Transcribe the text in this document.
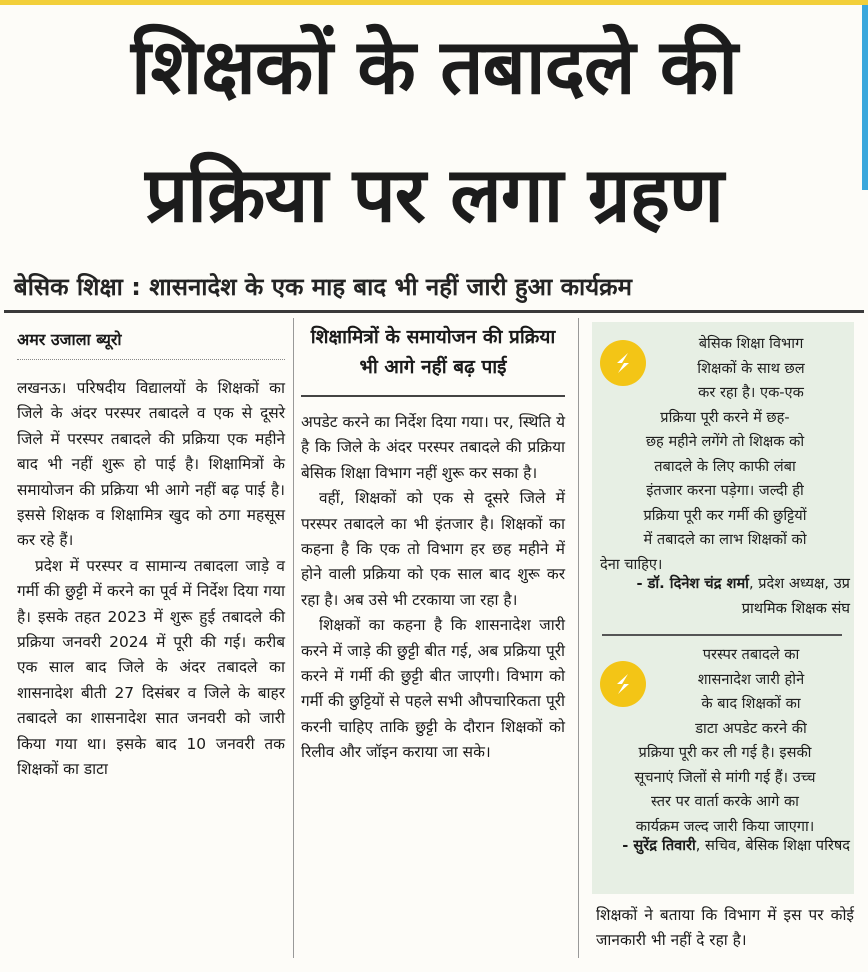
शिक्षकों के तबादले की
प्रक्रिया पर लगा ग्रहण
बेसिक शिक्षा : शासनादेश के एक माह बाद भी नहीं जारी हुआ कार्यक्रम
अमर उजाला ब्यूरो

लखनऊ। परिषदीय विद्यालयों के शिक्षकों का जिले के अंदर परस्पर तबादले व एक से दूसरे जिले में परस्पर तबादले की प्रक्रिया एक महीने बाद भी नहीं शुरू हो पाई है। शिक्षामित्रों के समायोजन की प्रक्रिया भी आगे नहीं बढ़ पाई है। इससे शिक्षक व शिक्षामित्र खुद को ठगा महसूस कर रहे हैं।

प्रदेश में परस्पर व सामान्य तबादला जाड़े व गर्मी की छुट्टी में करने का पूर्व में निर्देश दिया गया है। इसके तहत 2023 में शुरू हुई तबादले की प्रक्रिया जनवरी 2024 में पूरी की गई। करीब एक साल बाद जिले के अंदर तबादले का शासनादेश बीती 27 दिसंबर व जिले के बाहर तबादले का शासनादेश सात जनवरी को जारी किया गया था। इसके बाद 10 जनवरी तक शिक्षकों का डाटा

शिक्षामित्रों के समायोजन की प्रक्रिया भी आगे नहीं बढ़ पाई

अपडेट करने का निर्देश दिया गया। पर, स्थिति ये है कि जिले के अंदर परस्पर तबादले की प्रक्रिया बेसिक शिक्षा विभाग नहीं शुरू कर सका है।

वहीं, शिक्षकों को एक से दूसरे जिले में परस्पर तबादले का भी इंतजार है। शिक्षकों का कहना है कि एक तो विभाग हर छह महीने में होने वाली प्रक्रिया को एक साल बाद शुरू कर रहा है। अब उसे भी टरकाया जा रहा है।

शिक्षकों का कहना है कि शासनादेश जारी करने में जाड़े की छुट्टी बीत गई, अब प्रक्रिया पूरी करने में गर्मी की छुट्टी बीत जाएगी। विभाग को गर्मी की छुट्टियों से पहले सभी औपचारिकता पूरी करनी चाहिए ताकि छुट्टी के दौरान शिक्षकों को रिलीव और जॉइन कराया जा सके।

बेसिक शिक्षा विभाग
शिक्षकों के साथ छल
कर रहा है। एक-एक
प्रक्रिया पूरी करने में छह-
छह महीने लगेंगे तो शिक्षक को
तबादले के लिए काफी लंबा
इंतजार करना पड़ेगा। जल्दी ही
प्रक्रिया पूरी कर गर्मी की छुट्टियों
में तबादले का लाभ शिक्षकों को
देना चाहिए।
- डॉ. दिनेश चंद्र शर्मा, प्रदेश अध्यक्ष, उप्र प्राथमिक शिक्षक संघ
परस्पर तबादले का
शासनादेश जारी होने
के बाद शिक्षकों का
डाटा अपडेट करने की
प्रक्रिया पूरी कर ली गई है। इसकी
सूचनाएं जिलों से मांगी गई हैं। उच्च
स्तर पर वार्ता करके आगे का
कार्यक्रम जल्द जारी किया जाएगा।
- सुरेंद्र तिवारी, सचिव, बेसिक शिक्षा परिषद
शिक्षकों ने बताया कि विभाग में इस पर कोई जानकारी भी नहीं दे रहा है।
